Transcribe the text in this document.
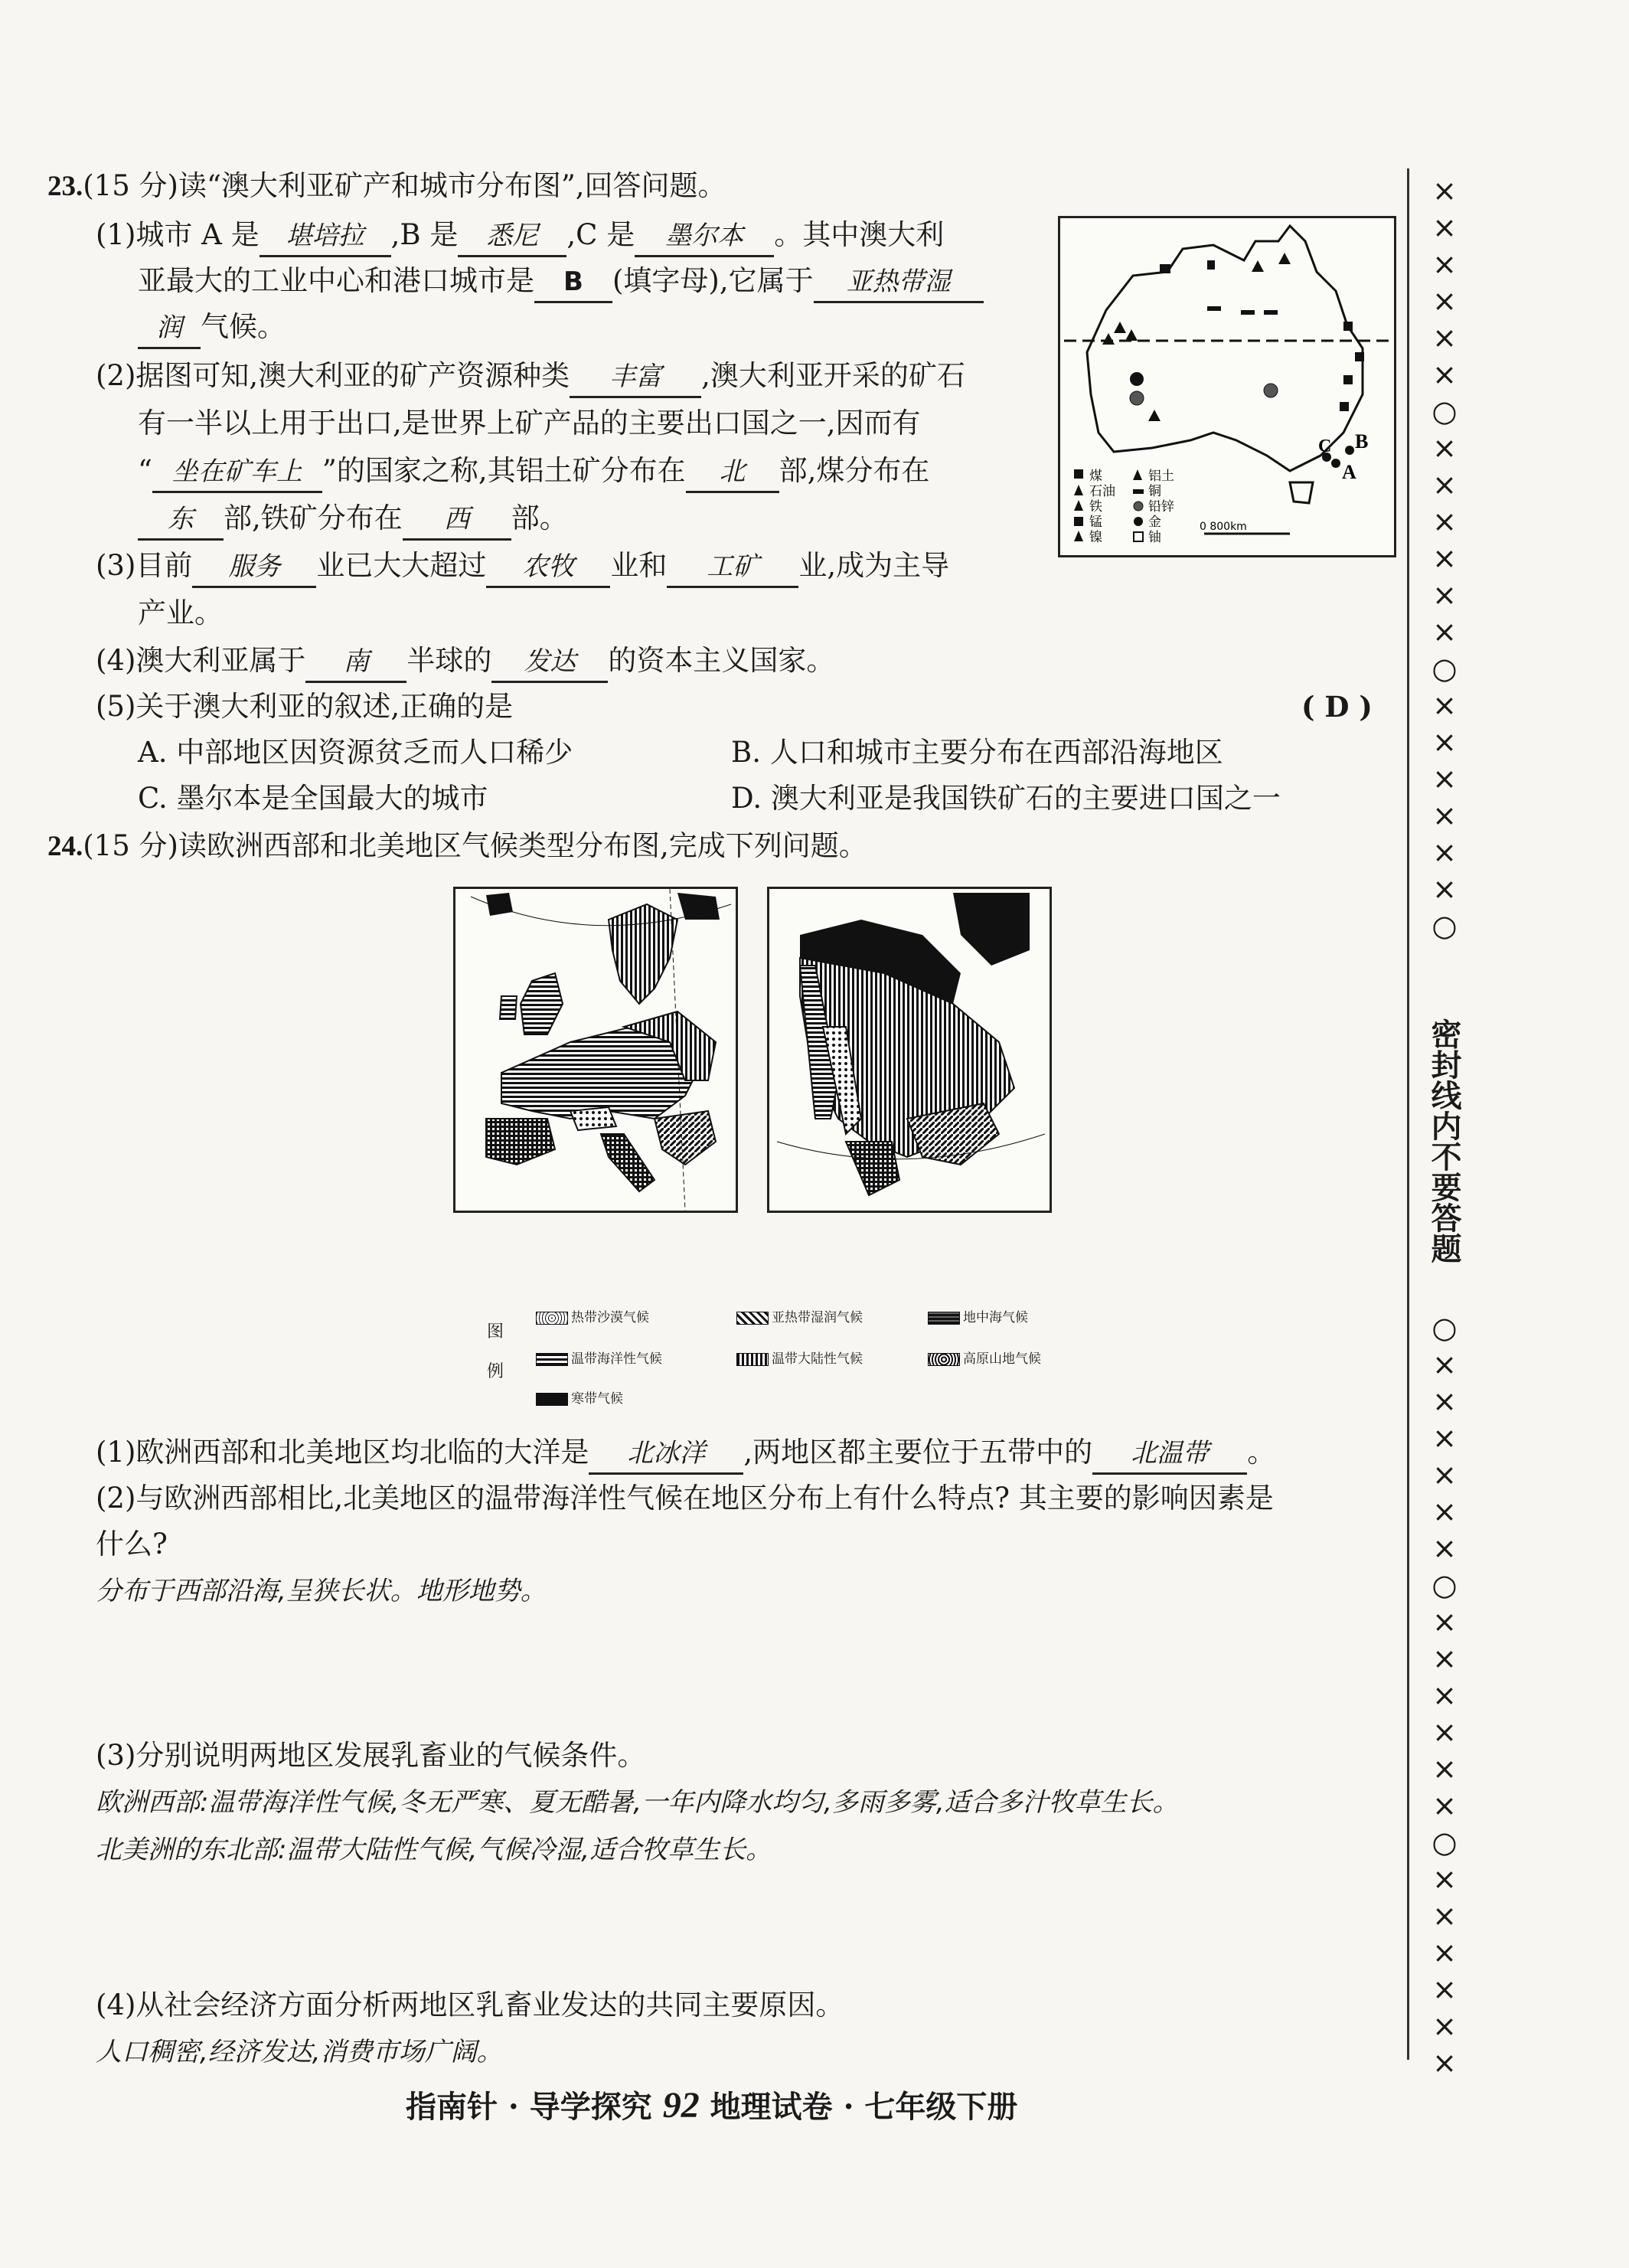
23.(15 分)读“澳大利亚矿产和城市分布图”,回答问题。
(1)城市 A 是 堪培拉 ,B 是 悉尼 ,C 是 墨尔本 。其中澳大利
亚最大的工业中心和港口城市是 B (填字母),它属于 亚热带湿
润 气候。
(2)据图可知,澳大利亚的矿产资源种类 丰富 ,澳大利亚开采的矿石
有一半以上用于出口,是世界上矿产品的主要出口国之一,因而有
“ 坐在矿车上 ”的国家之称,其铝土矿分布在 北 部,煤分布在
东 部,铁矿分布在 西 部。
(3)目前 服务 业已大大超过 农牧 业和 工矿 业,成为主导
产业。
(4)澳大利亚属于 南 半球的 发达 的资本主义国家。
(5)关于澳大利亚的叙述,正确的是	( D )
A. 中部地区因资源贫乏而人口稀少	B. 人口和城市主要分布在西部沿海地区
C. 墨尔本是全国最大的城市	D. 澳大利亚是我国铁矿石的主要进口国之一
C B
A
煤
石油
铁
锰
镍
铝土
铜
铅锌
金
铀
0 800km
24.(15 分)读欧洲西部和北美地区气候类型分布图,完成下列问题。
图
例
热带沙漠气候	亚热带湿润气候	地中海气候
温带海洋性气候	温带大陆性气候	高原山地气候
寒带气候
(1)欧洲西部和北美地区均北临的大洋是 北冰洋 ,两地区都主要位于五带中的 北温带 。
(2)与欧洲西部相比,北美地区的温带海洋性气候在地区分布上有什么特点? 其主要的影响因素是
什么?
分布于西部沿海,呈狭长状。地形地势。
(3)分别说明两地区发展乳畜业的气候条件。
欧洲西部:温带海洋性气候,冬无严寒、夏无酷暑,一年内降水均匀,多雨多雾,适合多汁牧草生长。
北美洲的东北部:温带大陆性气候,气候冷湿,适合牧草生长。
(4)从社会经济方面分析两地区乳畜业发达的共同主要原因。
人口稠密,经济发达,消费市场广阔。
××××××○××××××○××××××○
密封线内不要答题
○××××××○××××××○××××××
指南针 · 导学探究 92 地理试卷 · 七年级下册
